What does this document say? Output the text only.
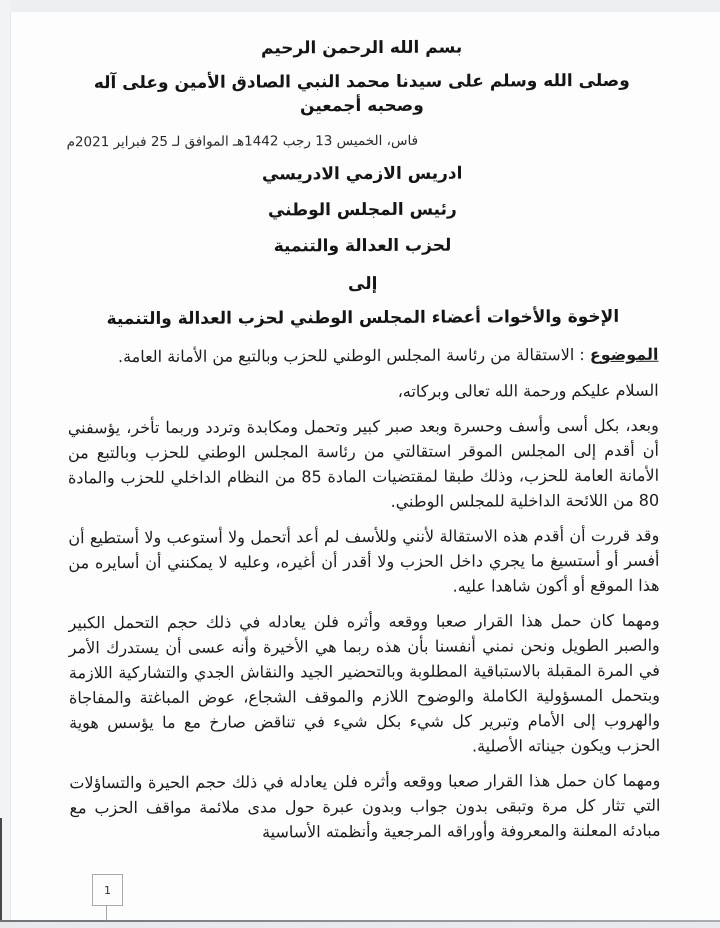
بسم الله الرحمن الرحيم
وصلى الله وسلم على سيدنا محمد النبي الصادق الأمين وعلى آله وصحبه أجمعين
فاس، الخميس 13 رجب 1442هـ الموافق لـ 25 فبراير 2021م
ادريس الازمي الادريسي
رئيس المجلس الوطني
لحزب العدالة والتنمية
إلى
الإخوة والأخوات أعضاء المجلس الوطني لحزب العدالة والتنمية
الموضوع : الاستقالة من رئاسة المجلس الوطني للحزب وبالتبع من الأمانة العامة.
السلام عليكم ورحمة الله تعالى وبركاته،

وبعد، بكل أسى وأسف وحسرة وبعد صبر كبير وتحمل ومكابدة وتردد وربما تأخر، يؤسفني أن أقدم إلى المجلس الموقر استقالتي من رئاسة المجلس الوطني للحزب وبالتبع من الأمانة العامة للحزب، وذلك طبقا لمقتضيات المادة 85 من النظام الداخلي للحزب والمادة 80 من اللائحة الداخلية للمجلس الوطني.

وقد قررت أن أقدم هذه الاستقالة لأنني وللأسف لم أعد أتحمل ولا أستوعب ولا أستطيع أن أفسر أو أستسيغ ما يجري داخل الحزب ولا أقدر أن أغيره، وعليه لا يمكنني أن أسايره من هذا الموقع أو أكون شاهدا عليه.

ومهما كان حمل هذا القرار صعبا ووقعه وأثره فلن يعادله في ذلك حجم التحمل الكبير والصبر الطويل ونحن نمني أنفسنا بأن هذه ربما هي الأخيرة وأنه عسى أن يستدرك الأمر في المرة المقبلة بالاستباقية المطلوبة وبالتحضير الجيد والنقاش الجدي والتشاركية اللازمة وبتحمل المسؤولية الكاملة والوضوح اللازم والموقف الشجاع، عوض المباغتة والمفاجاة والهروب إلى الأمام وتبرير كل شيء بكل شيء في تناقض صارخ مع ما يؤسس هوية الحزب ويكون جيناته الأصلية.

ومهما كان حمل هذا القرار صعبا ووقعه وأثره فلن يعادله في ذلك حجم الحيرة والتساؤلات التي تثار كل مرة وتبقى بدون جواب وبدون عبرة حول مدى ملائمة مواقف الحزب مع مبادئه المعلنة والمعروفة وأوراقه المرجعية وأنظمته الأساسية

1
